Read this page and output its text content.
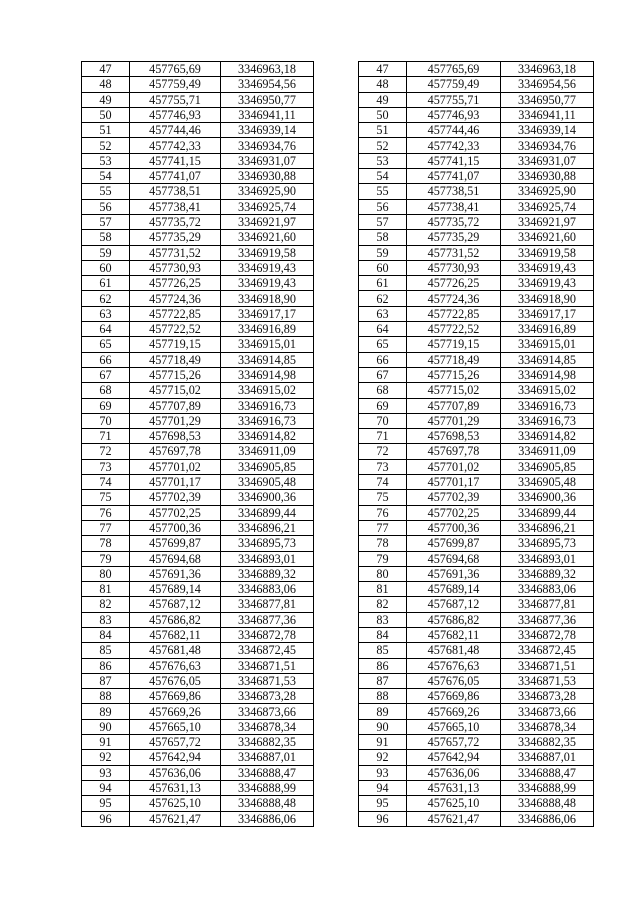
47	457765,69	3346963,18
48	457759,49	3346954,56
49	457755,71	3346950,77
50	457746,93	3346941,11
51	457744,46	3346939,14
52	457742,33	3346934,76
53	457741,15	3346931,07
54	457741,07	3346930,88
55	457738,51	3346925,90
56	457738,41	3346925,74
57	457735,72	3346921,97
58	457735,29	3346921,60
59	457731,52	3346919,58
60	457730,93	3346919,43
61	457726,25	3346919,43
62	457724,36	3346918,90
63	457722,85	3346917,17
64	457722,52	3346916,89
65	457719,15	3346915,01
66	457718,49	3346914,85
67	457715,26	3346914,98
68	457715,02	3346915,02
69	457707,89	3346916,73
70	457701,29	3346916,73
71	457698,53	3346914,82
72	457697,78	3346911,09
73	457701,02	3346905,85
74	457701,17	3346905,48
75	457702,39	3346900,36
76	457702,25	3346899,44
77	457700,36	3346896,21
78	457699,87	3346895,73
79	457694,68	3346893,01
80	457691,36	3346889,32
81	457689,14	3346883,06
82	457687,12	3346877,81
83	457686,82	3346877,36
84	457682,11	3346872,78
85	457681,48	3346872,45
86	457676,63	3346871,51
87	457676,05	3346871,53
88	457669,86	3346873,28
89	457669,26	3346873,66
90	457665,10	3346878,34
91	457657,72	3346882,35
92	457642,94	3346887,01
93	457636,06	3346888,47
94	457631,13	3346888,99
95	457625,10	3346888,48
96	457621,47	3346886,06
47	457765,69	3346963,18
48	457759,49	3346954,56
49	457755,71	3346950,77
50	457746,93	3346941,11
51	457744,46	3346939,14
52	457742,33	3346934,76
53	457741,15	3346931,07
54	457741,07	3346930,88
55	457738,51	3346925,90
56	457738,41	3346925,74
57	457735,72	3346921,97
58	457735,29	3346921,60
59	457731,52	3346919,58
60	457730,93	3346919,43
61	457726,25	3346919,43
62	457724,36	3346918,90
63	457722,85	3346917,17
64	457722,52	3346916,89
65	457719,15	3346915,01
66	457718,49	3346914,85
67	457715,26	3346914,98
68	457715,02	3346915,02
69	457707,89	3346916,73
70	457701,29	3346916,73
71	457698,53	3346914,82
72	457697,78	3346911,09
73	457701,02	3346905,85
74	457701,17	3346905,48
75	457702,39	3346900,36
76	457702,25	3346899,44
77	457700,36	3346896,21
78	457699,87	3346895,73
79	457694,68	3346893,01
80	457691,36	3346889,32
81	457689,14	3346883,06
82	457687,12	3346877,81
83	457686,82	3346877,36
84	457682,11	3346872,78
85	457681,48	3346872,45
86	457676,63	3346871,51
87	457676,05	3346871,53
88	457669,86	3346873,28
89	457669,26	3346873,66
90	457665,10	3346878,34
91	457657,72	3346882,35
92	457642,94	3346887,01
93	457636,06	3346888,47
94	457631,13	3346888,99
95	457625,10	3346888,48
96	457621,47	3346886,06
